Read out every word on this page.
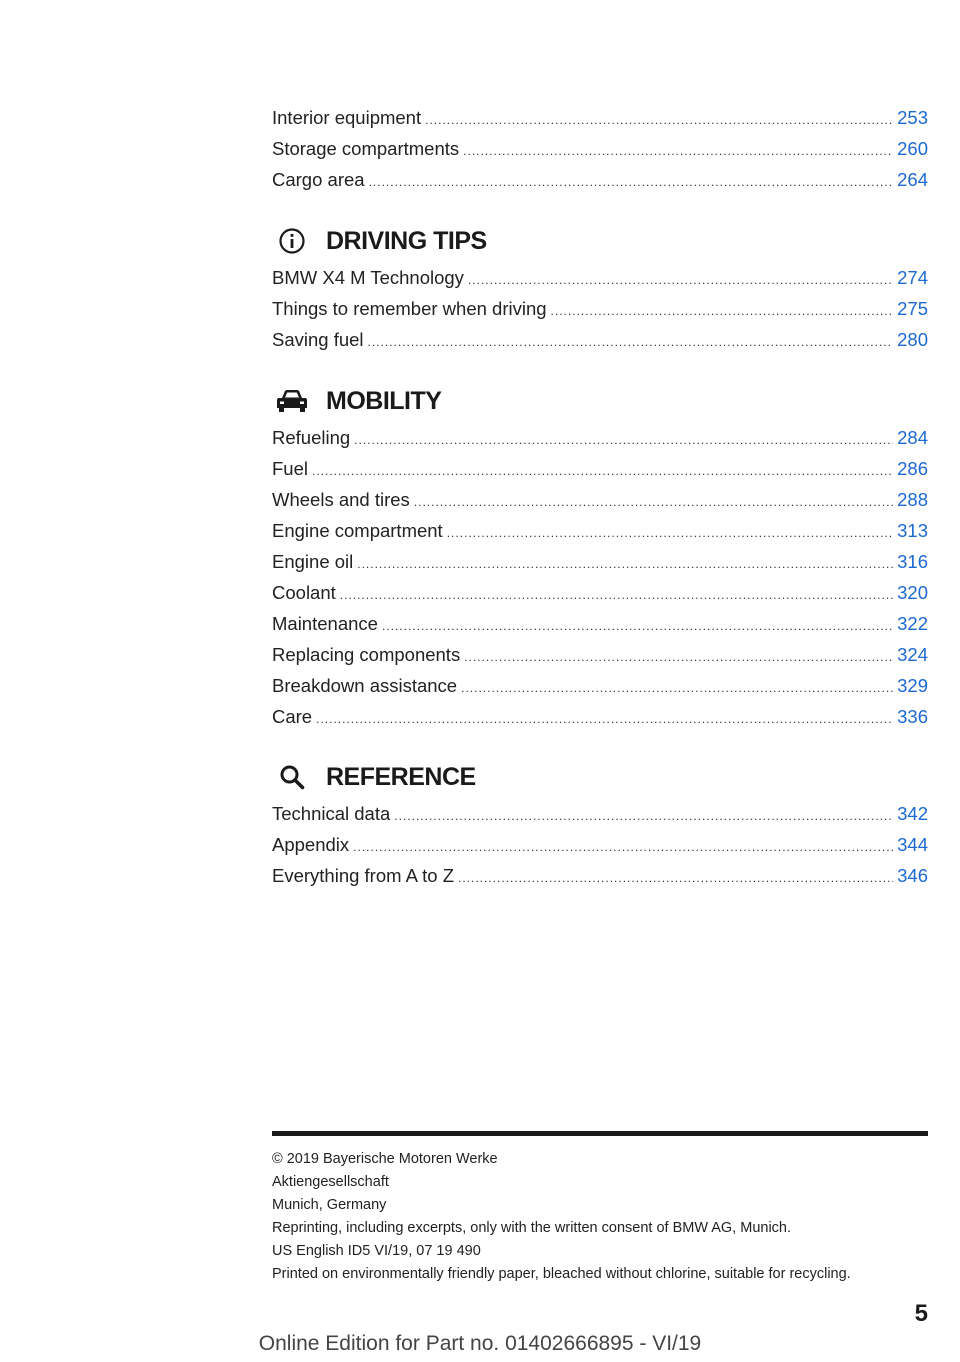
Interior equipment .....	253
Storage compartments .....	260
Cargo area .....	264
DRIVING TIPS
BMW X4 M Technology .....	274
Things to remember when driving .....	275
Saving fuel .....	280
MOBILITY
Refueling .....	284
Fuel .....	286
Wheels and tires .....	288
Engine compartment .....	313
Engine oil .....	316
Coolant .....	320
Maintenance .....	322
Replacing components .....	324
Breakdown assistance .....	329
Care .....	336
REFERENCE
Technical data .....	342
Appendix .....	344
Everything from A to Z .....	346
© 2019 Bayerische Motoren Werke
Aktiengesellschaft
Munich, Germany
Reprinting, including excerpts, only with the written consent of BMW AG, Munich.
US English ID5 VI/19, 07 19 490
Printed on environmentally friendly paper, bleached without chlorine, suitable for recycling.
5
Online Edition for Part no. 01402666895 - VI/19
